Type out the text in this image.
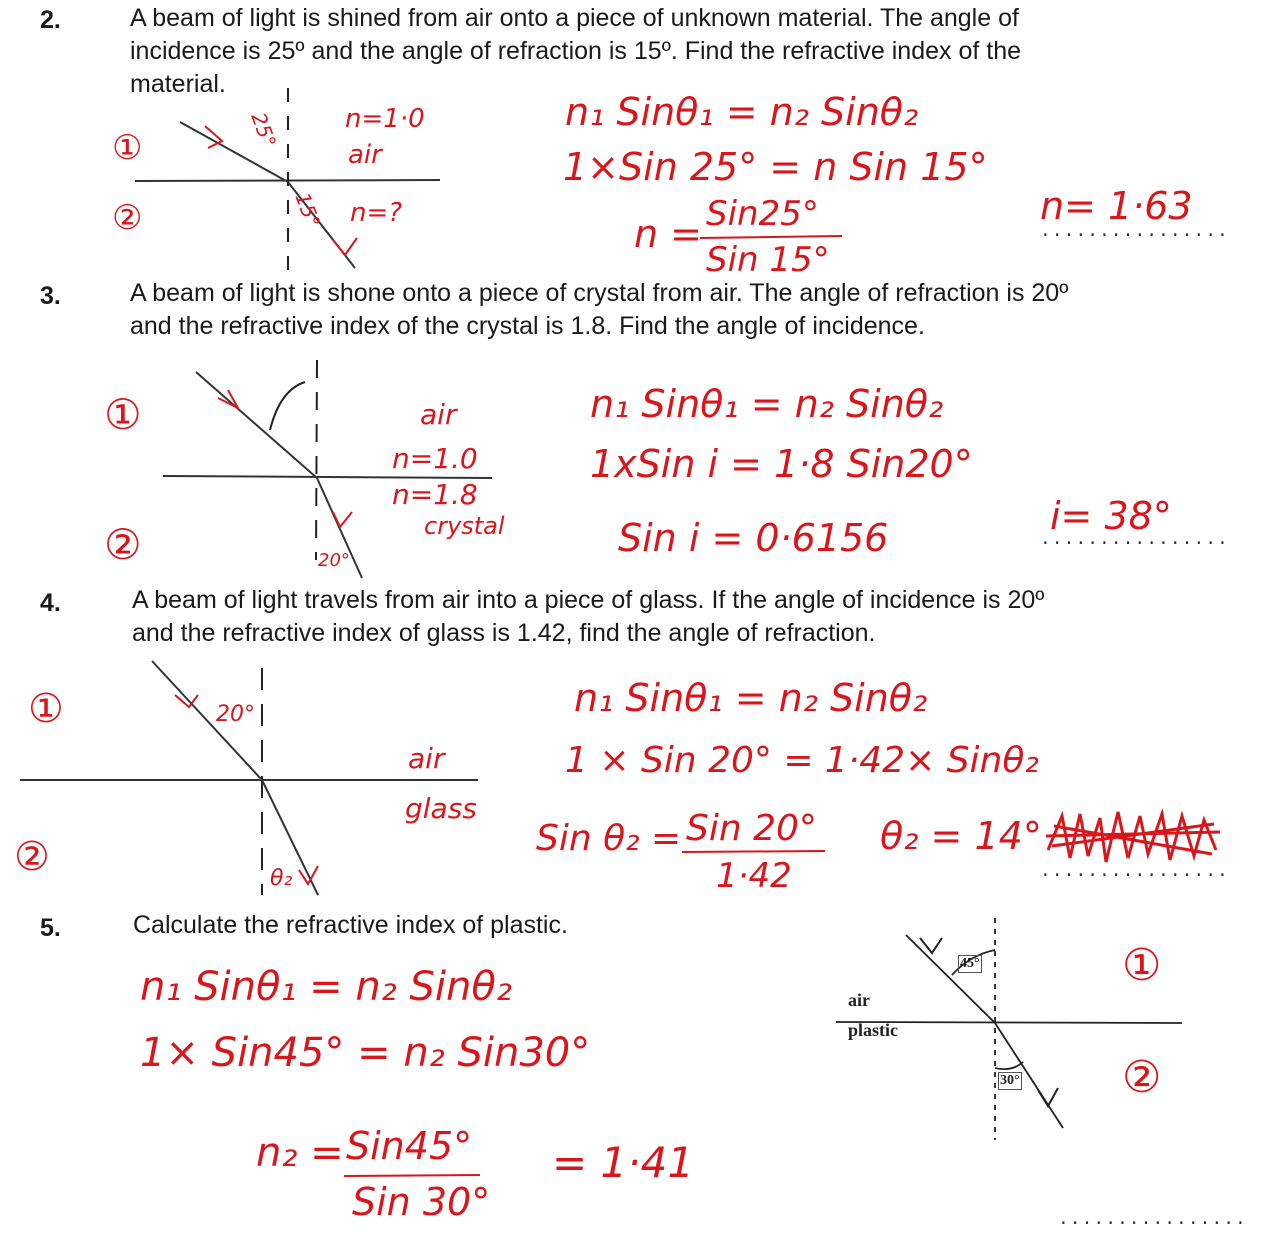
2.	A beam of light is shined from air onto a piece of unknown material. The angle of
incidence is 25º and the angle of refraction is 15º. Find the refractive index of the
material.
3.	A beam of light is shone onto a piece of crystal from air. The angle of refraction is 20º
and the refractive index of the crystal is 1.8. Find the angle of incidence.
4.	A beam of light travels from air into a piece of glass. If the angle of incidence is 20º
and the refractive index of glass is 1.42, find the angle of refraction.
5.	Calculate the refractive index of plastic.
air
plastic
45°
30°
................
................
................
................
①
②
n=1·0
air
n=?
25°
15°
n₁ Sinθ₁ = n₂ Sinθ₂
1×Sin 25° = n Sin 15°
n = Sin25°
Sin 15°
n= 1·63
①
②
air
n=1.0
n=1.8
crystal
20°
n₁ Sinθ₁ = n₂ Sinθ₂
1xSin i = 1·8 Sin20°
Sin i = 0·6156	i= 38°
①
②
20°
air
glass
θ₂
n₁ Sinθ₁ = n₂ Sinθ₂
1 × Sin 20° = 1·42× Sinθ₂
Sin θ₂ = Sin 20°
1·42
θ₂ = 14°
①
②
n₁ Sinθ₁ = n₂ Sinθ₂
1× Sin45° = n₂ Sin30°
n₂ = Sin45°
Sin 30°
= 1·41
